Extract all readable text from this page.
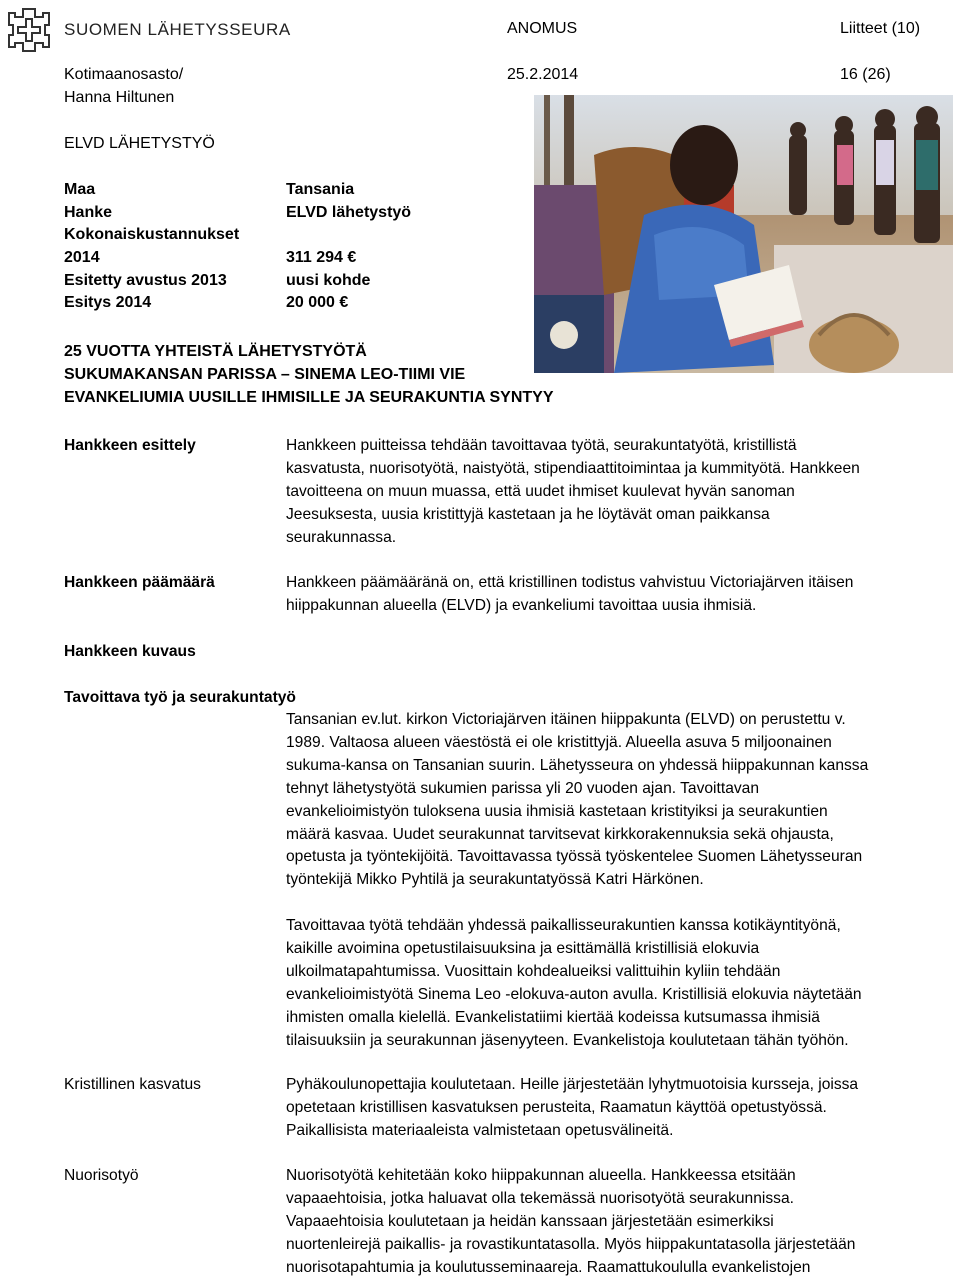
SUOMEN LÄHETYSSEURA	ANOMUS	Liitteet (10)
Kotimaanosasto/	25.2.2014	16 (26)
Hanna Hiltunen
ELVD LÄHETYSTYÖ
Maa	Tansania
Hanke	ELVD lähetystyö
Kokonaiskustannukset
2014	311 294 €
Esitetty avustus 2013	uusi kohde
Esitys 2014	20 000 €
25 VUOTTA YHTEISTÄ LÄHETYSTYÖTÄ
SUKUMAKANSAN PARISSA – SINEMA LEO-TIIMI VIE
EVANKELIUMIA UUSILLE IHMISILLE JA SEURAKUNTIA SYNTYY
Hankkeen esittely	Hankkeen puitteissa tehdään tavoittavaa työtä, seurakuntatyötä, kristillistä
kasvatusta, nuorisotyötä, naistyötä, stipendiaattitoimintaa ja kummityötä. Hankkeen
tavoitteena on muun muassa, että uudet ihmiset kuulevat hyvän sanoman
Jeesuksesta, uusia kristittyjä kastetaan ja he löytävät oman paikkansa
seurakunnassa.
Hankkeen päämäärä	Hankkeen päämääränä on, että kristillinen todistus vahvistuu Victoriajärven itäisen
hiippakunnan alueella (ELVD) ja evankeliumi tavoittaa uusia ihmisiä.
Hankkeen kuvaus
Tavoittava työ ja seurakuntatyö
Tansanian ev.lut. kirkon Victoriajärven itäinen hiippakunta (ELVD) on perustettu v.
1989. Valtaosa alueen väestöstä ei ole kristittyjä. Alueella asuva 5 miljoonainen
sukuma-kansa on Tansanian suurin. Lähetysseura on yhdessä hiippakunnan kanssa
tehnyt lähetystyötä sukumien parissa yli 20 vuoden ajan. Tavoittavan
evankelioimistyön tuloksena uusia ihmisiä kastetaan kristityiksi ja seurakuntien
määrä kasvaa. Uudet seurakunnat tarvitsevat kirkkorakennuksia sekä ohjausta,
opetusta ja työntekijöitä. Tavoittavassa työssä työskentelee Suomen Lähetysseuran
työntekijä Mikko Pyhtilä ja seurakuntatyössä Katri Härkönen.
Tavoittavaa työtä tehdään yhdessä paikallisseurakuntien kanssa kotikäyntityönä,
kaikille avoimina opetustilaisuuksina ja esittämällä kristillisiä elokuvia
ulkoilmatapahtumissa. Vuosittain kohdealueiksi valittuihin kyliin tehdään
evankelioimistyötä Sinema Leo -elokuva-auton avulla. Kristillisiä elokuvia näytetään
ihmisten omalla kielellä. Evankelistatiimi kiertää kodeissa kutsumassa ihmisiä
tilaisuuksiin ja seurakunnan jäsenyyteen. Evankelistoja koulutetaan tähän työhön.
Kristillinen kasvatus	Pyhäkoulunopettajia koulutetaan. Heille järjestetään lyhytmuotoisia kursseja, joissa
opetetaan kristillisen kasvatuksen perusteita, Raamatun käyttöä opetustyössä.
Paikallisista materiaaleista valmistetaan opetusvälineitä.
Nuorisotyö	Nuorisotyötä kehitetään koko hiippakunnan alueella. Hankkeessa etsitään
vapaaehtoisia, jotka haluavat olla tekemässä nuorisotyötä seurakunnissa.
Vapaaehtoisia koulutetaan ja heidän kanssaan järjestetään esimerkiksi
nuortenleirejä paikallis- ja rovastikuntatasolla. Myös hiippakuntatasolla järjestetään
nuorisotapahtumia ja koulutusseminaareja. Raamattukoululla evankelistojen
